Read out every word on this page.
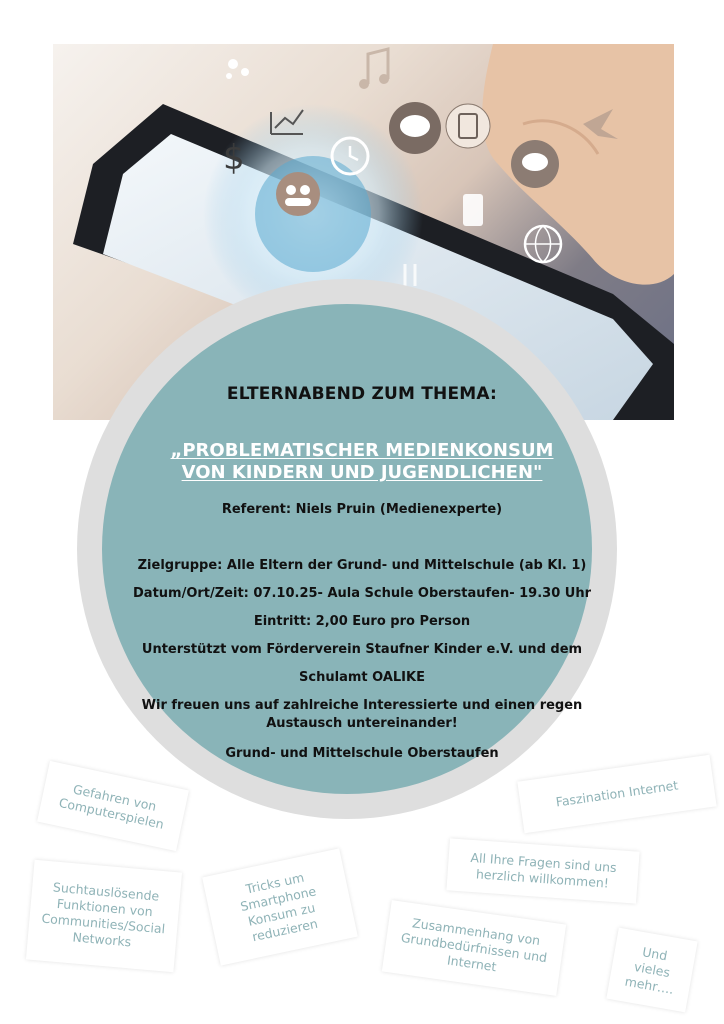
$

ELTERNABEND ZUM THEMA:

„PROBLEMATISCHER MEDIENKONSUM
VON KINDERN UND JUGENDLICHEN"

Referent: Niels Pruin (Medienexperte)

Zielgruppe: Alle Eltern der Grund- und Mittelschule (ab Kl. 1)

Datum/Ort/Zeit: 07.10.25- Aula Schule Oberstaufen- 19.30 Uhr

Eintritt: 2,00 Euro pro Person

Unterstützt vom Förderverein Staufner Kinder e.V. und dem

Schulamt OALIKE

Wir freuen uns auf zahlreiche Interessierte und einen regen

Austausch untereinander!

Grund- und Mittelschule Oberstaufen

Gefahren von
Computerspielen
Faszination Internet
All Ihre Fragen sind uns
herzlich willkommen!
Suchtauslösende
Funktionen von
Communities/Social
Networks
Tricks um
Smartphone
Konsum zu
reduzieren	Zusammenhang von
Grundbedürfnissen und
Internet	Und
vieles
mehr….
